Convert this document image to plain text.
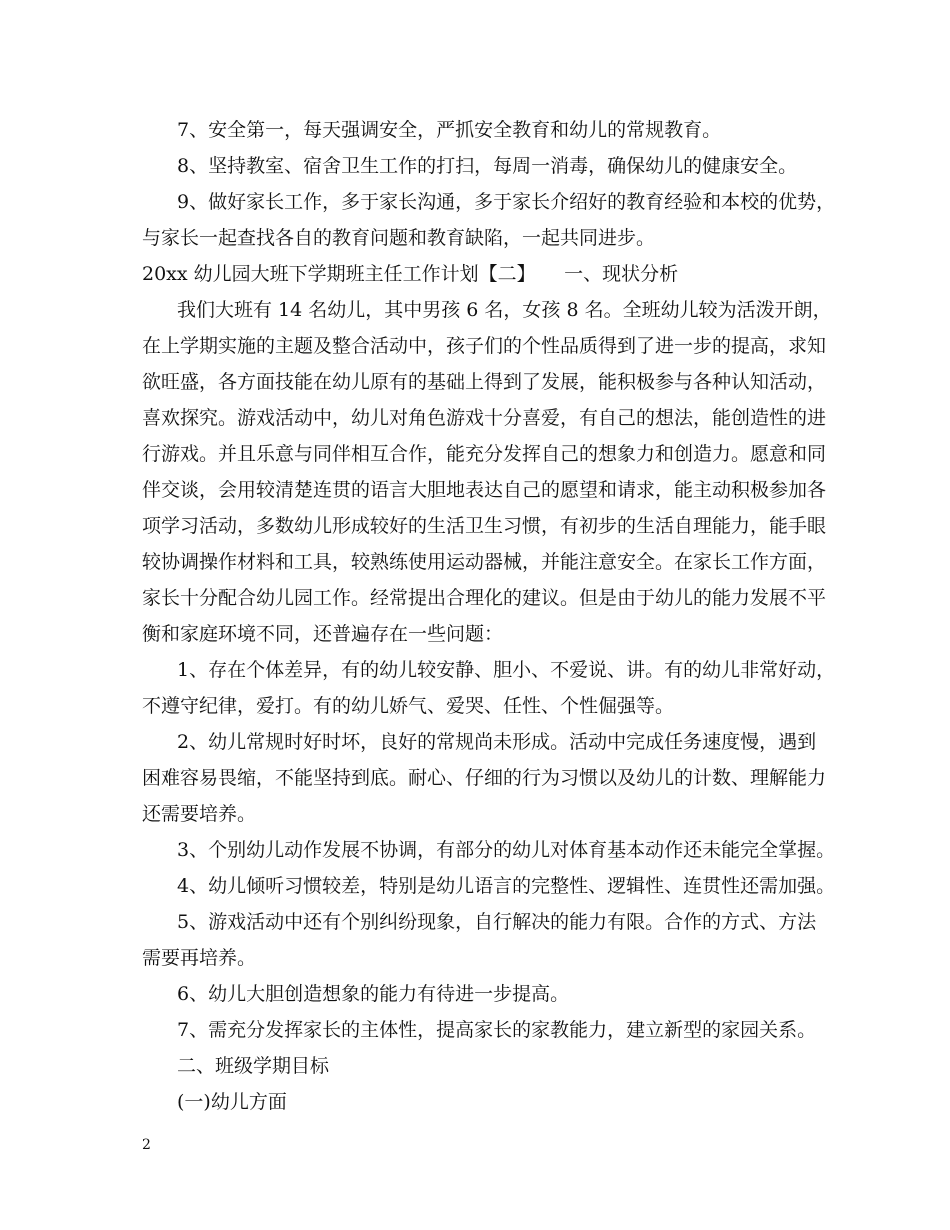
7、安全第一，每天强调安全，严抓安全教育和幼儿的常规教育。
8、坚持教室、宿舍卫生工作的打扫，每周一消毒，确保幼儿的健康安全。
9、做好家长工作，多于家长沟通，多于家长介绍好的教育经验和本校的优势，
与家长一起查找各自的教育问题和教育缺陷，一起共同进步。
20xx 幼儿园大班下学期班主任工作计划【二】　　一、现状分析
我们大班有 14 名幼儿，其中男孩 6 名，女孩 8 名。全班幼儿较为活泼开朗，
在上学期实施的主题及整合活动中，孩子们的个性品质得到了进一步的提高，求知
欲旺盛，各方面技能在幼儿原有的基础上得到了发展，能积极参与各种认知活动，
喜欢探究。游戏活动中，幼儿对角色游戏十分喜爱，有自己的想法，能创造性的进
行游戏。并且乐意与同伴相互合作，能充分发挥自己的想象力和创造力。愿意和同
伴交谈，会用较清楚连贯的语言大胆地表达自己的愿望和请求，能主动积极参加各
项学习活动，多数幼儿形成较好的生活卫生习惯，有初步的生活自理能力，能手眼
较协调操作材料和工具，较熟练使用运动器械，并能注意安全。在家长工作方面，
家长十分配合幼儿园工作。经常提出合理化的建议。但是由于幼儿的能力发展不平
衡和家庭环境不同，还普遍存在一些问题：
1、存在个体差异，有的幼儿较安静、胆小、不爱说、讲。有的幼儿非常好动，
不遵守纪律，爱打。有的幼儿娇气、爱哭、任性、个性倔强等。
2、幼儿常规时好时坏，良好的常规尚未形成。活动中完成任务速度慢，遇到
困难容易畏缩，不能坚持到底。耐心、仔细的行为习惯以及幼儿的计数、理解能力
还需要培养。
3、个别幼儿动作发展不协调，有部分的幼儿对体育基本动作还未能完全掌握。
4、幼儿倾听习惯较差，特别是幼儿语言的完整性、逻辑性、连贯性还需加强。
5、游戏活动中还有个别纠纷现象，自行解决的能力有限。合作的方式、方法
需要再培养。
6、幼儿大胆创造想象的能力有待进一步提高。
7、需充分发挥家长的主体性，提高家长的家教能力，建立新型的家园关系。
二、班级学期目标
(一)幼儿方面
2
